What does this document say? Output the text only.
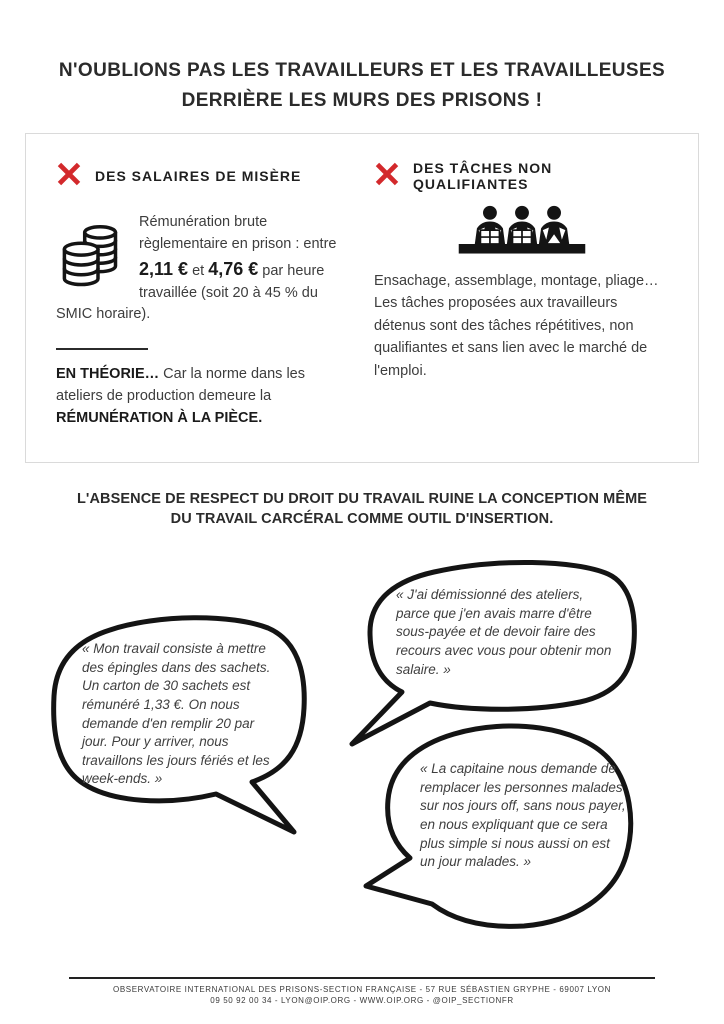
N'OUBLIONS PAS LES TRAVAILLEURS ET LES TRAVAILLEUSES
DERRIÈRE LES MURS DES PRISONS !
DES SALAIRES DE MISÈRE
Rémunération brute règlementaire en prison : entre 2,11 € et 4,76 € par heure travaillée (soit 20 à 45 % du SMIC horaire).
EN THÉORIE… Car la norme dans les ateliers de production demeure la RÉMUNÉRATION À LA PIÈCE.
DES TÂCHES NON QUALIFIANTES

Ensachage, assemblage, montage, pliage… Les tâches proposées aux travailleurs détenus sont des tâches répétitives, non qualifiantes et sans lien avec le marché de l'emploi.

L'ABSENCE DE RESPECT DU DROIT DU TRAVAIL RUINE LA CONCEPTION MÊME
DU TRAVAIL CARCÉRAL COMME OUTIL D'INSERTION.
« Mon travail consiste à mettre des épingles dans des sachets. Un carton de 30 sachets est rémunéré 1,33 €. On nous demande d'en remplir 20 par jour. Pour y arriver, nous travaillons les jours fériés et les week-ends. »
« J'ai démissionné des ateliers, parce que j'en avais marre d'être sous-payée et de devoir faire des recours avec vous pour obtenir mon salaire. »
« La capitaine nous demande de remplacer les personnes malades sur nos jours off, sans nous payer, en nous expliquant que ce sera plus simple si nous aussi on est un jour malades. »
OBSERVATOIRE INTERNATIONAL DES PRISONS-SECTION FRANÇAISE - 57 RUE SÉBASTIEN GRYPHE - 69007 LYON
09 50 92 00 34 - LYON@OIP.ORG - WWW.OIP.ORG - @OIP_SECTIONFR
